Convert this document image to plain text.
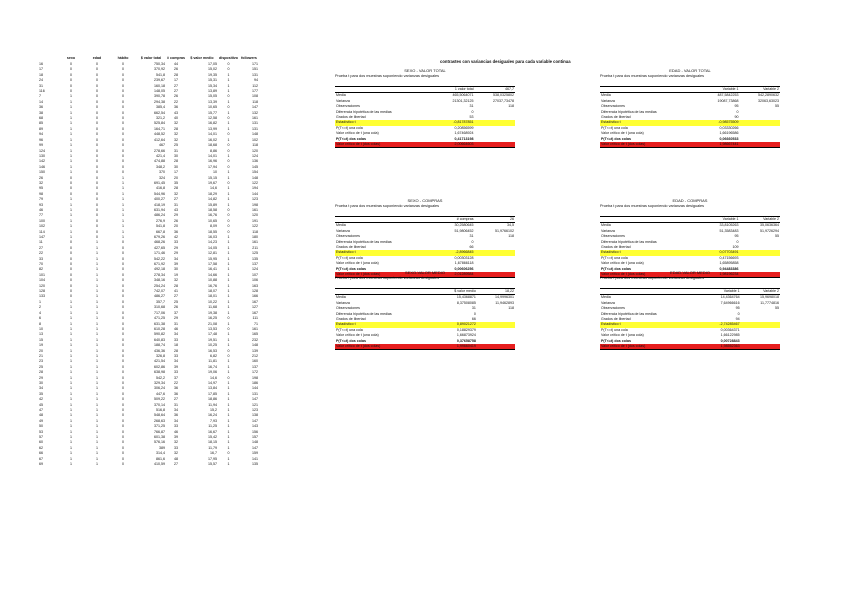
	sexo	edad	hábito	$ valor total	# compras	$ valor medio	dispositivo	followers
16	0	0	0	750,34	44	17,05	0	171
17	0	0	0	370,92	26	15,02	0	151
18	0	0	0	541,8	28	19,35	1	131
24	0	0	0	239,67	17	15,31	1	94
31	0	0	0	160,18	27	15,34	1	112
116	0	0	0	148,05	27	13,89	1	177
7	1	0	0	390,78	26	15,05	0	108
14	1	0	0	294,38	22	13,39	1	118
36	1	0	0	385,4	36	10,65	0	147
38	1	0	0	662,54	43	15,77	1	132
68	1	0	0	321,2	40	12,58	0	161
85	1	0	0	525,84	32	16,82	1	131
89	1	0	0	164,71	28	13,99	1	131
94	1	0	0	448,52	32	14,01	0	148
96	1	0	0	412,64	32	16,02	1	102
99	1	0	0	467	25	18,68	0	118
124	1	0	0	278,66	31	8,86	0	120
130	1	0	0	421,4	30	14,01	1	124
142	1	0	0	474,88	28	16,96	0	136
146	1	0	0	348,2	30	17,94	0	145
150	1	0	0	370	17	10	1	154
26	0	0	1	324	20	15,15	1	148
32	0	0	1	691,45	35	19,67	0	122
95	0	0	1	416,8	28	14,6	1	194
98	0	0	1	544,96	32	18,29	1	144
79	1	0	1	400,27	27	14,82	1	123
93	1	0	1	418,19	31	15,89	1	198
46	1	0	1	631,94	43	18,58	0	161
77	1	0	1	486,24	29	16,76	0	120
100	1	0	1	276,9	26	10,65	0	191
102	1	0	1	541,8	20	8,09	0	122
114	1	0	1	667,8	36	18,55	0	118
147	1	0	1	679,26	42	16,03	1	180
11	0	1	0	468,26	33	14,23	1	161
27	0	1	0	427,65	29	14,05	1	211
22	0	1	0	171,46	29	12,81	1	125
33	0	1	0	542,22	34	15,95	1	135
70	0	1	0	671,92	39	17,58	1	137
82	0	1	0	492,18	30	16,41	1	124
101	0	1	0	278,34	19	14,66	1	107
104	0	1	0	348,16	32	10,88	1	106
120	0	1	0	254,24	28	16,76	1	163
128	0	1	0	742,07	41	18,07	1	128
133	0	1	0	486,27	27	18,01	1	166
1	1	1	0	357,7	25	10,22	1	167
2	1	1	0	310,68	26	11,68	1	127
4	1	1	0	717,06	37	19,38	1	167
6	1	1	0	471,25	29	16,25	0	111
8	1	1	0	631,38	31	21,08	1	71
10	1	1	0	610,28	46	13,53	0	161
13	1	1	0	590,82	34	17,48	1	165
15	1	1	0	640,83	33	19,51	1	232
19	1	1	0	188,74	18	10,25	1	148
20	1	1	0	436,36	28	16,53	0	139
21	1	1	0	326,8	33	6,82	0	212
23	1	1	0	421,54	34	11,81	1	160
25	1	1	0	602,86	39	16,74	1	137
28	1	1	0	638,98	33	19,06	1	172
29	1	1	0	542,2	37	14,6	0	198
30	1	1	0	329,34	22	14,97	1	186
34	1	1	0	306,24	36	13,84	1	144
35	1	1	0	447,6	36	17,85	1	131
42	1	1	0	509,22	27	18,86	1	147
45	1	1	0	370,14	31	11,94	1	121
47	1	1	0	516,8	34	15,2	1	123
48	1	1	0	548,64	36	16,24	1	138
49	1	1	0	268,63	34	7,93	1	147
50	1	1	0	371,25	33	11,25	1	143
53	1	1	0	766,87	46	16,67	1	156
57	1	1	0	601,38	39	15,42	1	157
60	1	1	0	576,16	32	18,15	1	148
62	1	1	0	389	33	11,79	1	147
66	1	1	0	314,4	32	16,7	0	159
67	1	1	0	861,6	48	17,95	1	141
69	1	1	0	410,59	27	15,57	1	135
contrastes con variancias desiguales para cada variable continua
SEXO - VALOR TOTAL
Prueba t para dos muestras suponiendo varianzas desiguales
	1 valor total	467,7
Media	465,5064071	538,0325802
Varianza	21301,32125	27037,73478
Observaciones	31	118
Diferencia hipotética de las medias	0	
Grados de libertad	53	
Estadístico t	-0,81787851	
P(T<=t) una cola	0,20856599	
Valor crítico de t (una cola)	1,67468924	
P(T<=t) dos colas	0,41713198	
Valor crítico de t (dos colas)	2,00664603	
EDAD - VALOR TOTAL
Prueba t para dos muestras suponiendo varianzas desiguales
	Variable 1	Variable 2
Media	487,5842253	542,2890632
Varianza	19087,73868	32063,63023
Observaciones	95	55
Diferencia hipotética de las medias	0	
Grados de libertad	90	
Estadístico t	-0,98575509	
P(T<=t) una cola	0,03330266	
Valor crítico de t (una cola)	1,66196586	
P(T<=t) dos colas	0,06660533	
Valor crítico de t (dos colas)	1,98667441	
SEXO - COMPRAS
Prueba t para dos muestras suponiendo varianzas desiguales
	# compras	26
Media	30,2580645	34,5
Varianza	51,9806452	51,9766102
Observaciones	31	118
Diferencia hipotética de las medias	0	
Grados de libertad	66	
Estadístico t	-2,8966845	
P(T<=t) una cola	0,00303128	
Valor crítico de t (una cola)	1,67866118	
P(T<=t) dos colas	0,00606256	
Valor crítico de t (dos colas)	2,01289584	
EDAD - COMPRAS
Prueba t para dos muestras suponiendo varianzas desiguales
	Variable 1	Variable 2
Media	33,8105263	35,0636364
Varianza	51,3583483	51,9726294
Observaciones	95	55
Diferencia hipotética de las medias	0	
Grados de libertad	109	
Estadístico t	0,07703491	
P(T<=t) una cola	0,47156693	
Valor crítico de t (una cola)	1,65895858	
P(T<=t) dos colas	0,94483386	
Valor crítico de t (dos colas)	1,98196234	
SEXO-VALOR MEDIO
Prueba t para dos muestras suponiendo varianzas desiguales
	$ valor medio	18,22
Media	15,4368871	14,9996301
Varianza	8,37508085	11,9462893
Observaciones	31	118
Diferencia hipotética de las medias	0	
Grados de libertad	66	
Estadístico t	0,89021272	
P(T<=t) una cola	0,18829379	
Valor crítico de t (una cola)	1,66873924	
P(T<=t) dos colas	0,37658758	
Valor crítico de t (dos colas)	1,99660419	
EDAD-VALOR MEDIO
Prueba t para dos muestras suponiendo varianzas desiguales
	Variable 1	Variable 2
Media	14,4364764	15,9698018
Varianza	7,64966616	11,7774816
Observaciones	95	55
Diferencia hipotética de las medias	0	
Grados de libertad	94	
Estadístico t	-2,74285467	
P(T<=t) una cola	0,00364371	
Valor crítico de t (una cola)	1,66122985	
P(T<=t) dos colas	0,00728843	
Valor crítico de t (dos colas)	1,98552363	
